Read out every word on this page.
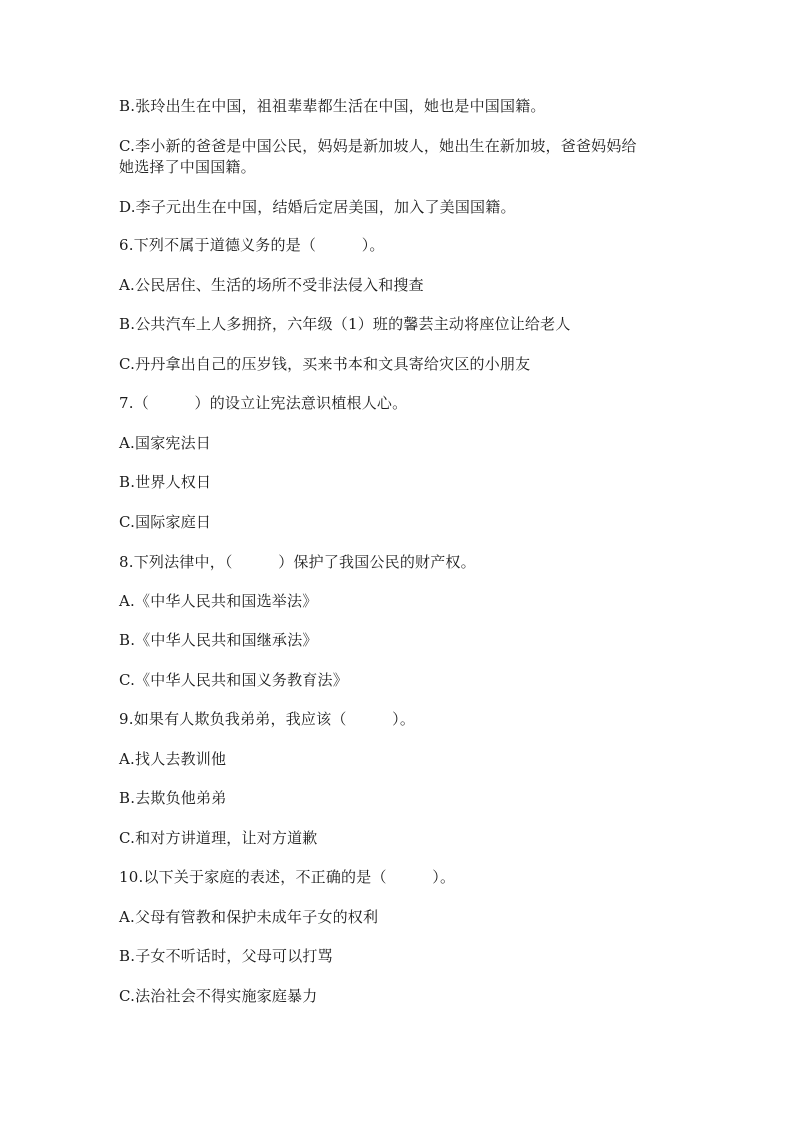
B.张玲出生在中国，祖祖辈辈都生活在中国，她也是中国国籍。
C.李小新的爸爸是中国公民，妈妈是新加坡人，她出生在新加坡，爸爸妈妈给
她选择了中国国籍。
D.李子元出生在中国，结婚后定居美国，加入了美国国籍。
6.下列不属于道德义务的是（　　　）。
A.公民居住、生活的场所不受非法侵入和搜查
B.公共汽车上人多拥挤，六年级（1）班的馨芸主动将座位让给老人
C.丹丹拿出自己的压岁钱，买来书本和文具寄给灾区的小朋友
7.（　　　）的设立让宪法意识植根人心。
A.国家宪法日
B.世界人权日
C.国际家庭日
8.下列法律中，（　　　）保护了我国公民的财产权。
A.《中华人民共和国选举法》
B.《中华人民共和国继承法》
C.《中华人民共和国义务教育法》
9.如果有人欺负我弟弟，我应该（　　　）。
A.找人去教训他
B.去欺负他弟弟
C.和对方讲道理，让对方道歉
10.以下关于家庭的表述，不正确的是（　　　）。
A.父母有管教和保护未成年子女的权利
B.子女不听话时，父母可以打骂
C.法治社会不得实施家庭暴力
